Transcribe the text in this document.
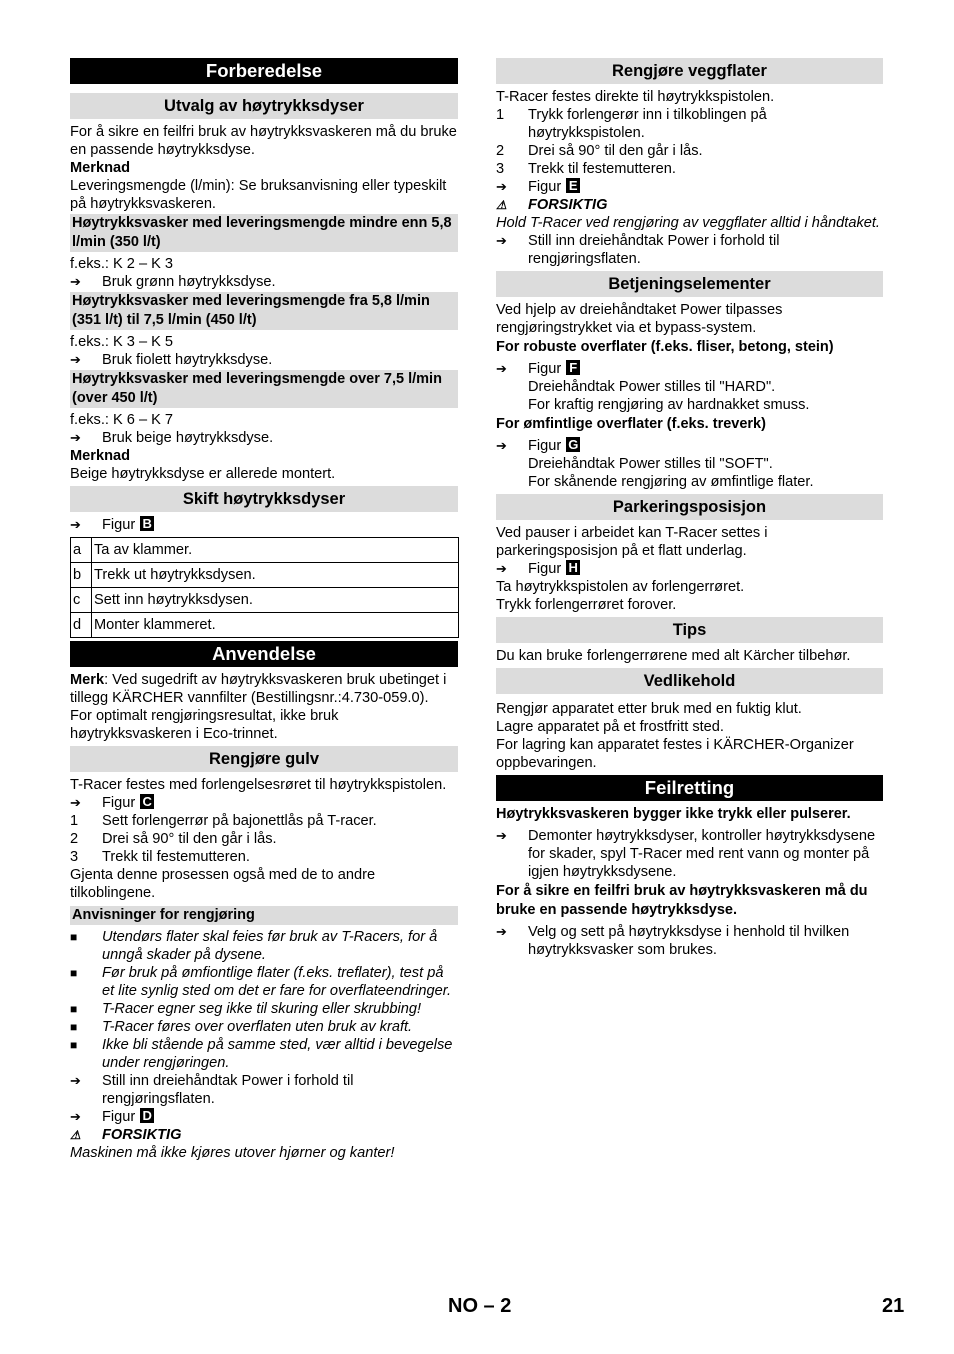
Forberedelse
Utvalg av høytrykksdyser

For å sikre en feilfri bruk av høytrykksvaskeren må du bruke en passende høytrykksdyse.

Merknad

Leveringsmengde (l/min): Se bruksanvisning eller typeskilt på høytrykksvaskeren.

Høytrykksvasker med leveringsmengde mindre enn 5,8 l/min (350 l/t)

f.eks.: K 2 – K 3

➔
Bruk grønn høytrykksdyse.
Høytrykksvasker med leveringsmengde fra 5,8 l/min (351 l/t) til 7,5 l/min (450 l/t)

f.eks.: K 3 – K 5

➔
Bruk fiolett høytrykksdyse.
Høytrykksvasker med leveringsmengde over 7,5 l/min (over 450 l/t)

f.eks.: K 6 – K 7

➔
Bruk beige høytrykksdyse.

Merknad

Beige høytrykksdyse er allerede montert.

Skift høytrykksdyser
➔
Figur B
a	Ta av klammer.
b	Trekk ut høytrykksdysen.
c	Sett inn høytrykksdysen.
d	Monter klammeret.
Anvendelse

Merk: Ved sugedrift av høytrykksvaskeren bruk ubetinget i tillegg KÄRCHER vannfilter (Bestillingsnr.:4.730-059.0).

For optimalt rengjøringsresultat, ikke bruk høytrykksvaskeren i Eco-trinnet.

Rengjøre gulv

T-Racer festes med forlengelsesrøret til høytrykkspistolen.

➔
Figur C
1	Sett forlengerrør på bajonettlås på T-racer.
2	Drei så 90° til den går i lås.
3	Trekk til festemutteren.

Gjenta denne prosessen også med de to andre tilkoblingene.

Anvisninger for rengjøring
■
Utendørs flater skal feies før bruk av T-Racers, for å unngå skader på dysene.
■
Før bruk på ømfiontlige flater (f.eks. treflater), test på et lite synlig sted om det er fare for overflateendringer.
■
T-Racer egner seg ikke til skuring eller skrubbing!
■
T-Racer føres over overflaten uten bruk av kraft.
■
Ikke bli stående på samme sted, vær alltid i bevegelse under rengjøringen.
➔
Still inn dreiehåndtak Power i forhold til rengjøringsflaten.
➔
Figur D
⚠
FORSIKTIG

Maskinen må ikke kjøres utover hjørner og kanter!

Rengjøre veggflater

T-Racer festes direkte til høytrykkspistolen.

1	Trykk forlengerør inn i tilkoblingen på høytrykkspistolen.
2	Drei så 90° til den går i lås.
3	Trekk til festemutteren.
➔
Figur E
⚠
FORSIKTIG

Hold T-Racer ved rengjøring av veggflater alltid i håndtaket.

➔
Still inn dreiehåndtak Power i forhold til rengjøringsflaten.
Betjeningselementer

Ved hjelp av dreiehåndtaket Power tilpasses rengjøringstrykket via et bypass-system.

For robuste overflater (f.eks. fliser, betong, stein)
➔
Figur F
Dreiehåndtak Power stilles til "HARD".
For kraftig rengjøring av hardnakket smuss.
For ømfintlige overflater (f.eks. treverk)
➔
Figur G
Dreiehåndtak Power stilles til "SOFT".
For skånende rengjøring av ømfintlige flater.
Parkeringsposisjon

Ved pauser i arbeidet kan T-Racer settes i parkeringsposisjon på et flatt underlag.

➔
Figur H

Ta høytrykkspistolen av forlengerrøret.

Trykk forlengerrøret forover.

Tips

Du kan bruke forlengerrørene med alt Kärcher tilbehør.

Vedlikehold

Rengjør apparatet etter bruk med en fuktig klut.

Lagre apparatet på et frostfritt sted.

For lagring kan apparatet festes i KÄRCHER-Organizer oppbevaringen.

Feilretting
Høytrykksvaskeren bygger ikke trykk eller pulserer.
➔
Demonter høytrykksdyser, kontroller høytrykksdysene for skader, spyl T-Racer med rent vann og monter på igjen høytrykksdysene.
For å sikre en feilfri bruk av høytrykksvaskeren må du bruke en passende høytrykksdyse.
➔
Velg og sett på høytrykksdyse i henhold til hvilken høytrykksvasker som brukes.
NO – 2	21
